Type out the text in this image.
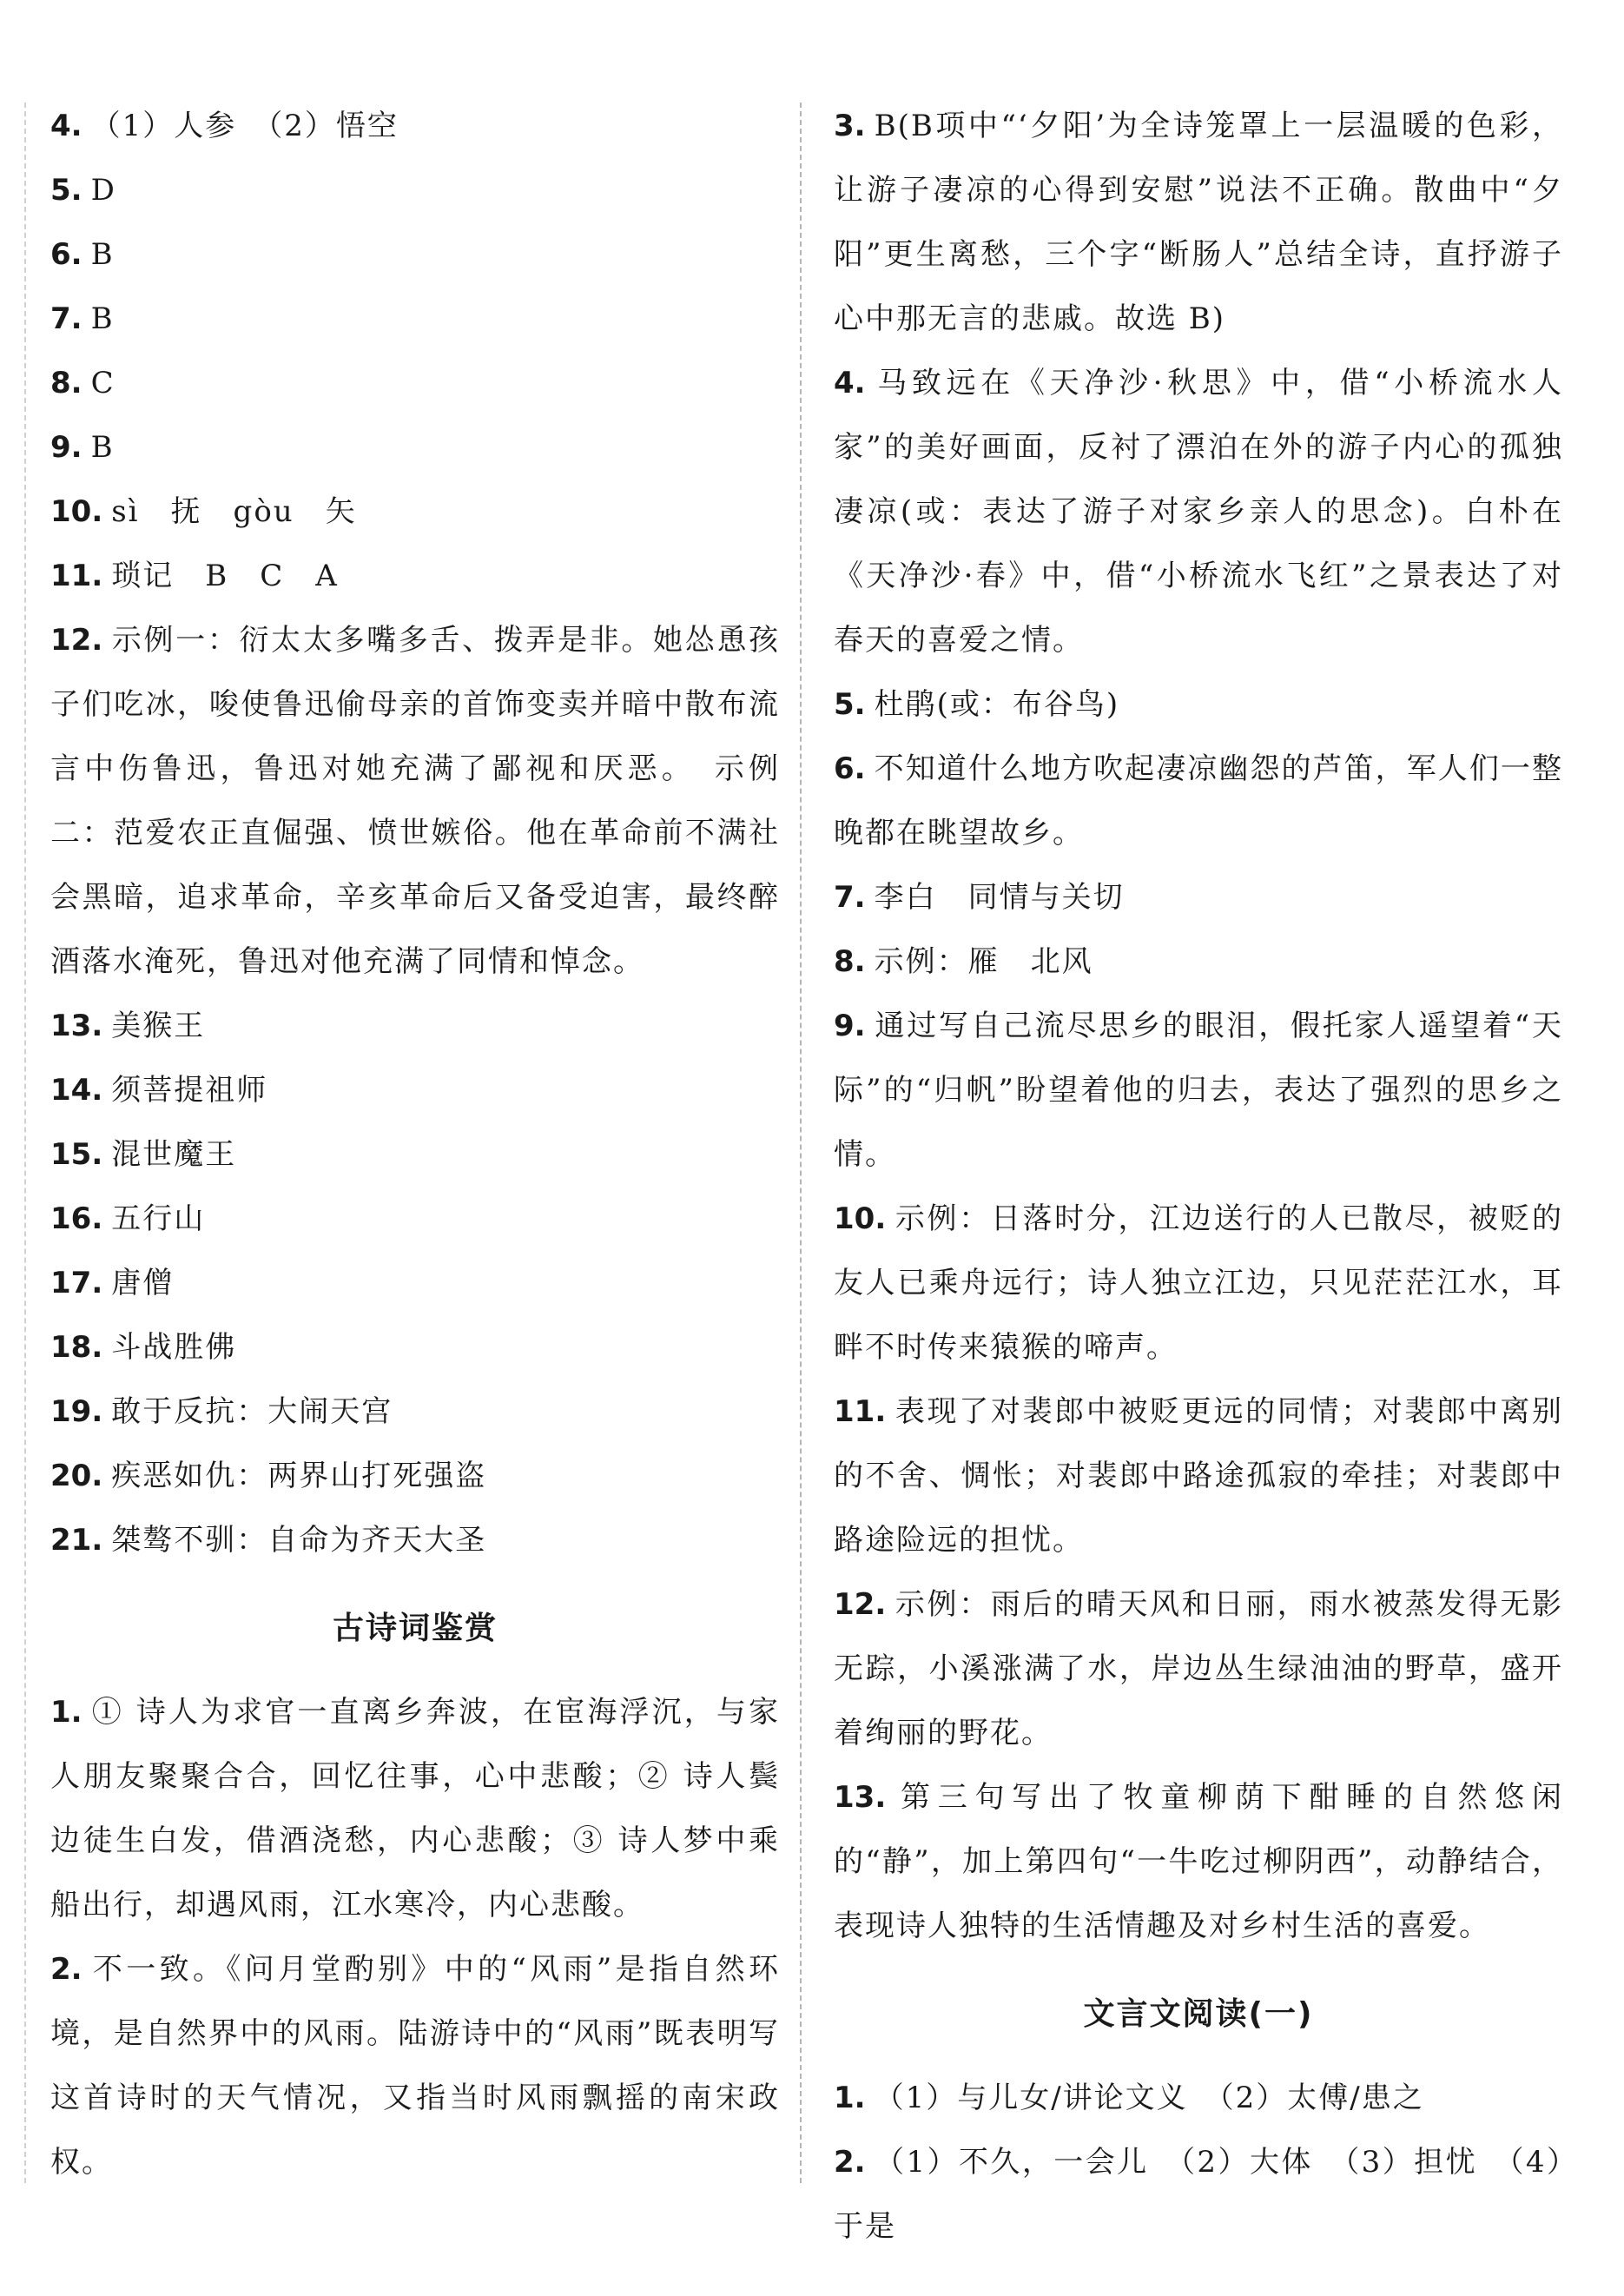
4. （1）人参　（2）悟空

5. D

6. B

7. B

8. C

9. B

10. sì　抚　gòu　矢

11. 琐记　B　C　A

12. 示例一：衍太太多嘴多舌、拨弄是非。她怂恿孩子们吃冰，唆使鲁迅偷母亲的首饰变卖并暗中散布流言中伤鲁迅，鲁迅对她充满了鄙视和厌恶。　示例二：范爱农正直倔强、愤世嫉俗。他在革命前不满社会黑暗，追求革命，辛亥革命后又备受迫害，最终醉酒落水淹死，鲁迅对他充满了同情和悼念。

13. 美猴王

14. 须菩提祖师

15. 混世魔王

16. 五行山

17. 唐僧

18. 斗战胜佛

19. 敢于反抗：大闹天宫

20. 疾恶如仇：两界山打死强盗

21. 桀骜不驯：自命为齐天大圣

古诗词鉴赏

1. ① 诗人为求官一直离乡奔波，在宦海浮沉，与家人朋友聚聚合合，回忆往事，心中悲酸；② 诗人鬓边徒生白发，借酒浇愁，内心悲酸；③ 诗人梦中乘船出行，却遇风雨，江水寒冷，内心悲酸。

2. 不一致。《问月堂酌别》中的“风雨”是指自然环境，是自然界中的风雨。陆游诗中的“风雨”既表明写这首诗时的天气情况，又指当时风雨飘摇的南宋政权。

3. B(B项中“‘夕阳’为全诗笼罩上一层温暖的色彩，让游子凄凉的心得到安慰”说法不正确。散曲中“夕阳”更生离愁，三个字“断肠人”总结全诗，直抒游子心中那无言的悲戚。故选 B)

4. 马致远在《天净沙·秋思》中，借“小桥流水人家”的美好画面，反衬了漂泊在外的游子内心的孤独凄凉(或：表达了游子对家乡亲人的思念)。白朴在《天净沙·春》中，借“小桥流水飞红”之景表达了对春天的喜爱之情。

5. 杜鹃(或：布谷鸟)

6. 不知道什么地方吹起凄凉幽怨的芦笛，军人们一整晚都在眺望故乡。

7. 李白　同情与关切

8. 示例：雁　北风

9. 通过写自己流尽思乡的眼泪，假托家人遥望着“天际”的“归帆”盼望着他的归去，表达了强烈的思乡之情。

10. 示例：日落时分，江边送行的人已散尽，被贬的友人已乘舟远行；诗人独立江边，只见茫茫江水，耳畔不时传来猿猴的啼声。

11. 表现了对裴郎中被贬更远的同情；对裴郎中离别的不舍、惆怅；对裴郎中路途孤寂的牵挂；对裴郎中路途险远的担忧。

12. 示例：雨后的晴天风和日丽，雨水被蒸发得无影无踪，小溪涨满了水，岸边丛生绿油油的野草，盛开着绚丽的野花。

13. 第三句写出了牧童柳荫下酣睡的自然悠闲的“静”，加上第四句“一牛吃过柳阴西”，动静结合，表现诗人独特的生活情趣及对乡村生活的喜爱。

文言文阅读(一)

1. （1）与儿女/讲论文义　（2）太傅/患之

2. （1）不久，一会儿　（2）大体　（3）担忧　（4）于是
